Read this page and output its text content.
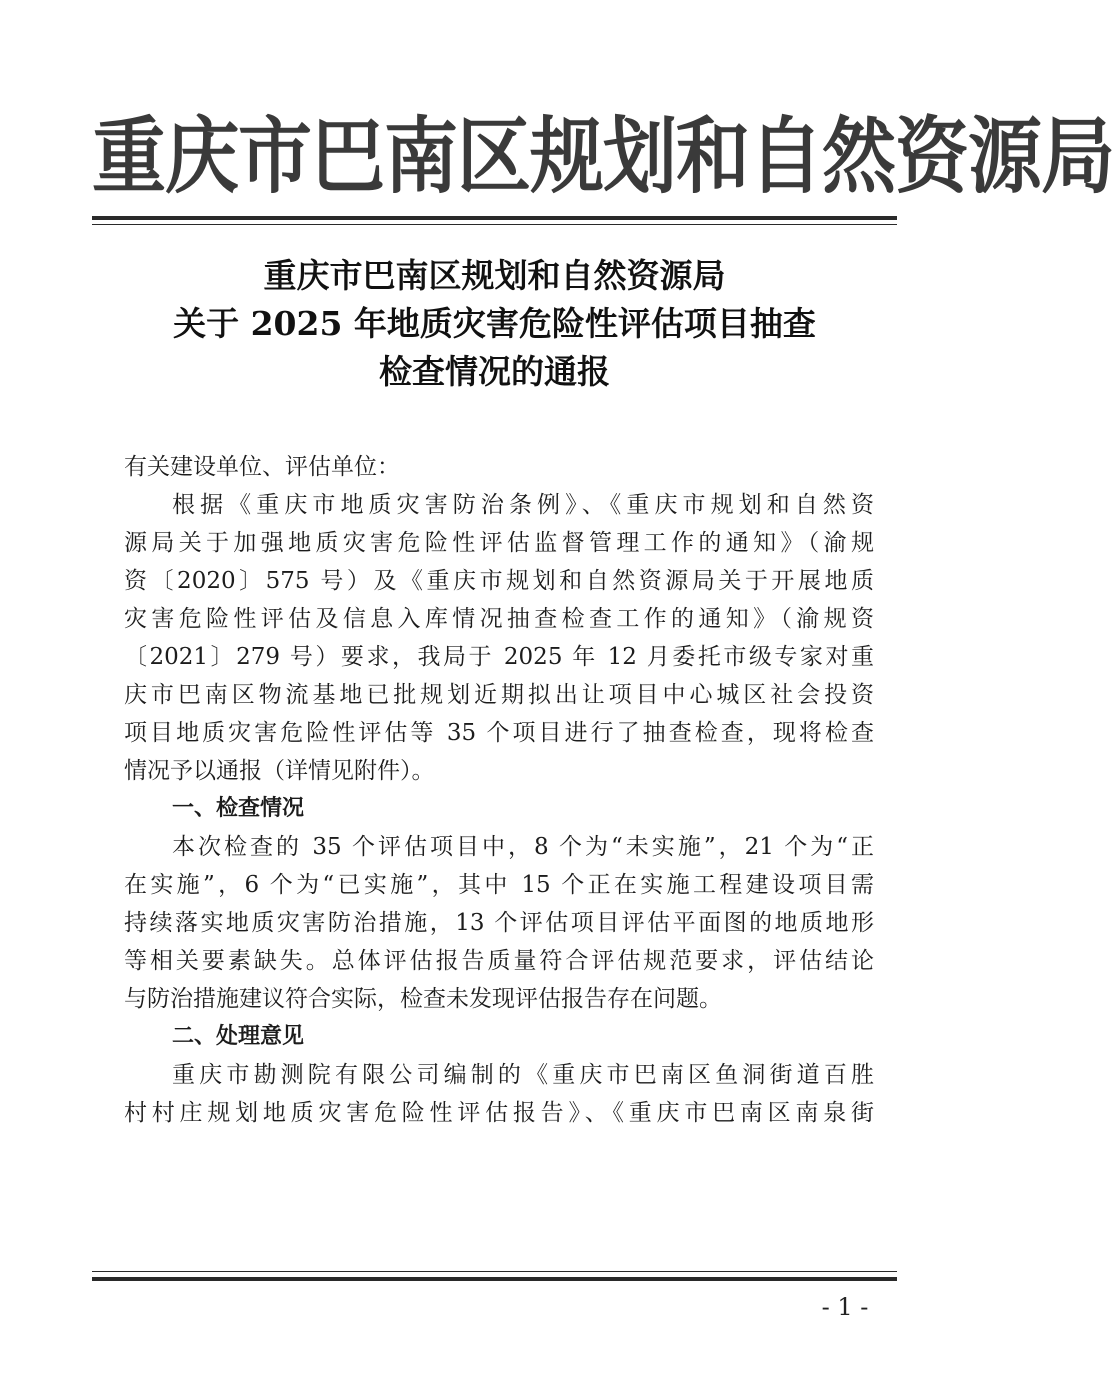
重庆市巴南区规划和自然资源局
重庆市巴南区规划和自然资源局
关于 2025 年地质灾害危险性评估项目抽查
检查情况的通报
有关建设单位、评估单位：
根据《重庆市地质灾害防治条例》、《重庆市规划和自然资
源局关于加强地质灾害危险性评估监督管理工作的通知》（渝规
资〔2020〕575 号）及《重庆市规划和自然资源局关于开展地质
灾害危险性评估及信息入库情况抽查检查工作的通知》（渝规资
〔2021〕279 号）要求，我局于 2025 年 12 月委托市级专家对重
庆市巴南区物流基地已批规划近期拟出让项目中心城区社会投资
项目地质灾害危险性评估等 35 个项目进行了抽查检查，现将检查
情况予以通报（详情见附件）。
一、检查情况
本次检查的 35 个评估项目中，8 个为“未实施”，21 个为“正
在实施”，6 个为“已实施”，其中 15 个正在实施工程建设项目需
持续落实地质灾害防治措施，13 个评估项目评估平面图的地质地形
等相关要素缺失。总体评估报告质量符合评估规范要求，评估结论
与防治措施建议符合实际，检查未发现评估报告存在问题。
二、处理意见
重庆市勘测院有限公司编制的《重庆市巴南区鱼洞街道百胜
村村庄规划地质灾害危险性评估报告》、《重庆市巴南区南泉街
- 1 -
